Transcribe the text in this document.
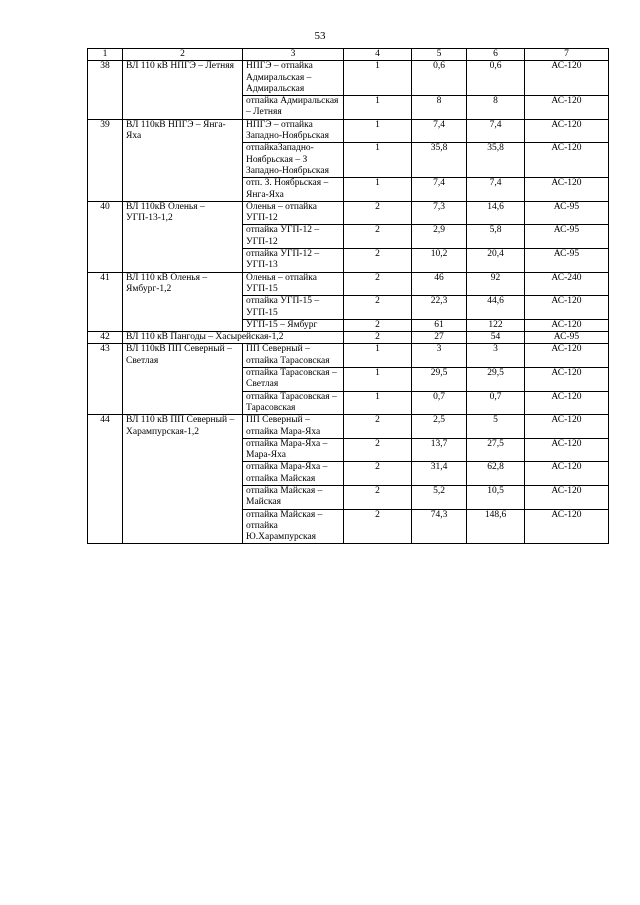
53
1	2	3	4	5	6	7
38	ВЛ 110 кВ НПГЭ – Летняя	НПГЭ – отпайка Адмиральская – Адмиральская	1	0,6	0,6	АС-120
		отпайка Адмиральская – Летняя	1	8	8	АС-120
39	ВЛ 110кВ НПГЭ – Янга-Яха	НПГЭ – отпайка Западно-Ноябрьская	1	7,4	7,4	АС-120
		отпайкаЗападно-Ноябрьская – З Западно-Ноябрьская	1	35,8	35,8	АС-120
		отп. З. Ноябрьская – Янга-Яха	1	7,4	7,4	АС-120
40	ВЛ 110кВ Оленья – УГП-13-1,2	Оленья – отпайка УГП-12	2	7,3	14,6	АС-95
		отпайка УГП-12 – УГП-12	2	2,9	5,8	АС-95
		отпайка УГП-12 – УГП-13	2	10,2	20,4	АС-95
41	ВЛ 110 кВ Оленья – Ямбург-1,2	Оленья – отпайка УГП-15	2	46	92	АС-240
		отпайка УГП-15 – УГП-15	2	22,3	44,6	АС-120
		УГП-15 – Ямбург	2	61	122	АС-120
42	ВЛ 110 кВ Пангоды – Хасырейская-1,2		2	27	54	АС-95
43	ВЛ 110кВ ПП Северный – Светлая	ПП Северный – отпайка Тарасовская	1	3	3	АС-120
		отпайка Тарасовская – Светлая	1	29,5	29,5	АС-120
		отпайка Тарасовская – Тарасовская	1	0,7	0,7	АС-120
44	ВЛ 110 кВ ПП Северный – Харампурская-1,2	ПП Северный – отпайка Мара-Яха	2	2,5	5	АС-120
		отпайка Мара-Яха – Мара-Яха	2	13,7	27,5	АС-120
		отпайка Мара-Яха – отпайка Майская	2	31,4	62,8	АС-120
		отпайка Майская – Майская	2	5,2	10,5	АС-120
		отпайка Майская – отпайка Ю.Харампурская	2	74,3	148,6	АС-120
